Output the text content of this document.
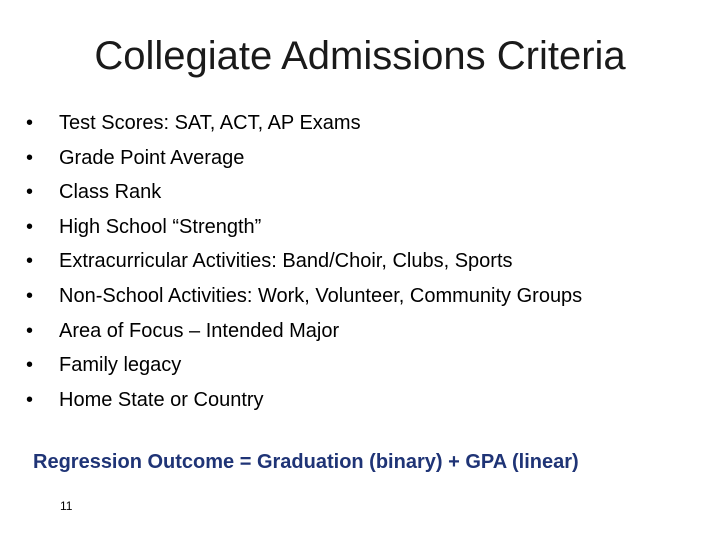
Collegiate Admissions Criteria
•	Test Scores: SAT, ACT, AP Exams
•	Grade Point Average
•	Class Rank
•	High School “Strength”
•	Extracurricular Activities: Band/Choir, Clubs, Sports
•	Non-School Activities: Work, Volunteer, Community Groups
•	Area of Focus – Intended Major
•	Family legacy
•	Home State or Country
Regression Outcome = Graduation (binary) + GPA (linear)
11
